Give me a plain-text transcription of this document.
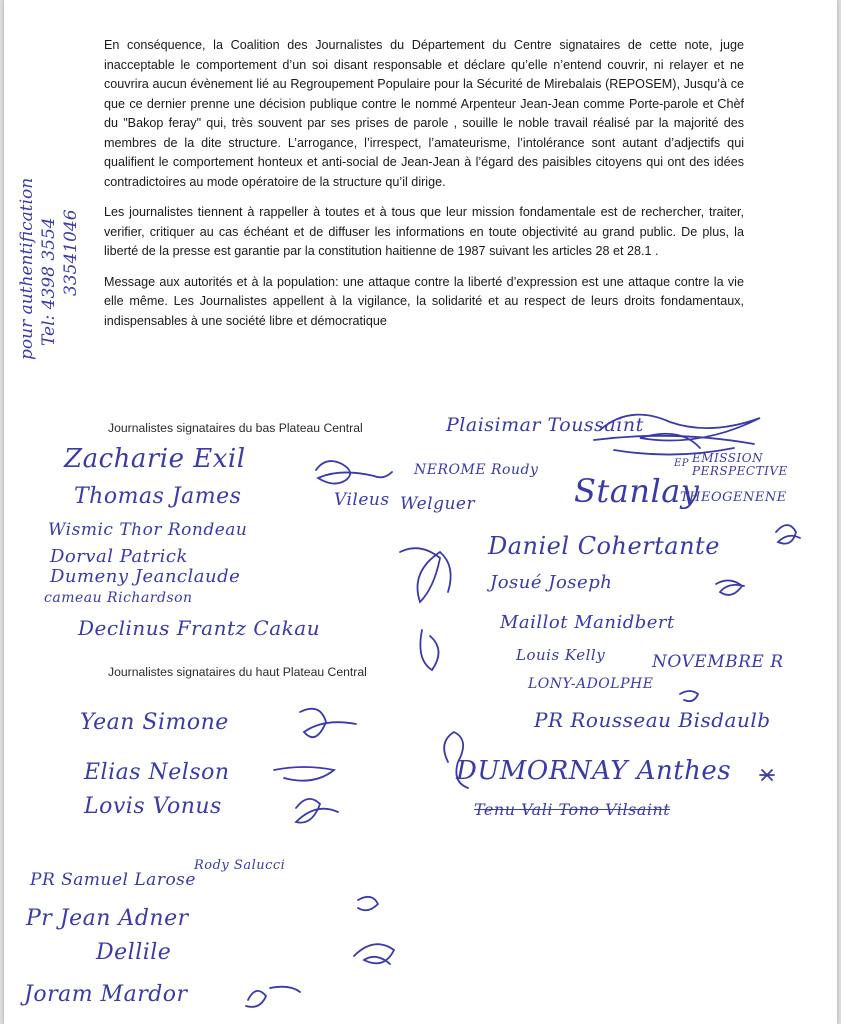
pour authentification Tel: 4398 3554 33541046

En conséquence, la Coalition des Journalistes du Département du Centre signataires de cette note, juge inacceptable le comportement d’un soi disant responsable et déclare qu’elle n’entend couvrir, ni relayer et ne couvrira aucun évènement lié au Regroupement Populaire pour la Sécurité de Mirebalais (REPOSEM), Jusqu’à ce que ce dernier prenne une décision publique contre le nommé Arpenteur Jean-Jean comme Porte-parole et Chèf du "Bakop feray" qui, très souvent par ses prises de parole , souille le noble travail réalisé par la majorité des membres de la dite structure. L’arrogance, l’irrespect, l’amateurisme, l’intolérance sont autant d’adjectifs qui qualifient le comportement honteux et anti-social de Jean-Jean à l’égard des paisibles citoyens qui ont des idées contradictoires au mode opératoire de la structure qu’il dirige.

Les journalistes tiennent à rappeller à toutes et à tous que leur mission fondamentale est de rechercher, traiter, verifier, critiquer au cas échéant et de diffuser les informations en toute objectivité au grand public. De plus, la liberté de la presse est garantie par la constitution haitienne de 1987 suivant les articles 28 et 28.1 .

Message aux autorités et à la population: une attaque contre la liberté d’expression est une attaque contre la vie elle même. Les Journalistes appellent à la vigilance, la solidarité et au respect de leurs droits fondamentaux, indispensables à une société libre et démocratique

Journalistes signataires du bas Plateau Central
Journalistes signataires du haut Plateau Central
Zacharie Exil
Thomas James	Vileus
Wismic Thor Rondeau
Dorval Patrick
Dumeny Jeanclaude
cameau Richardson
Declinus Frantz Cakau
Plaisimar Toussaint
NEROME Roudy
EMISSION PERSPECTIVE
Welguer	Stanlay
EP
THEOGENENE
Daniel Cohertante
Josué Joseph
Maillot Manidbert
Louis Kelly	NOVEMBRE R
LONY-ADOLPHE
Yean Simone
Elias Nelson
Lovis Vonus
PR Rousseau Bisdaulb
DUMORNAY Anthes
Tenu Vali Tono Vilsaint
PR Samuel Larose
Rody Salucci
Pr Jean Adner
Dellile
Joram Mardor
